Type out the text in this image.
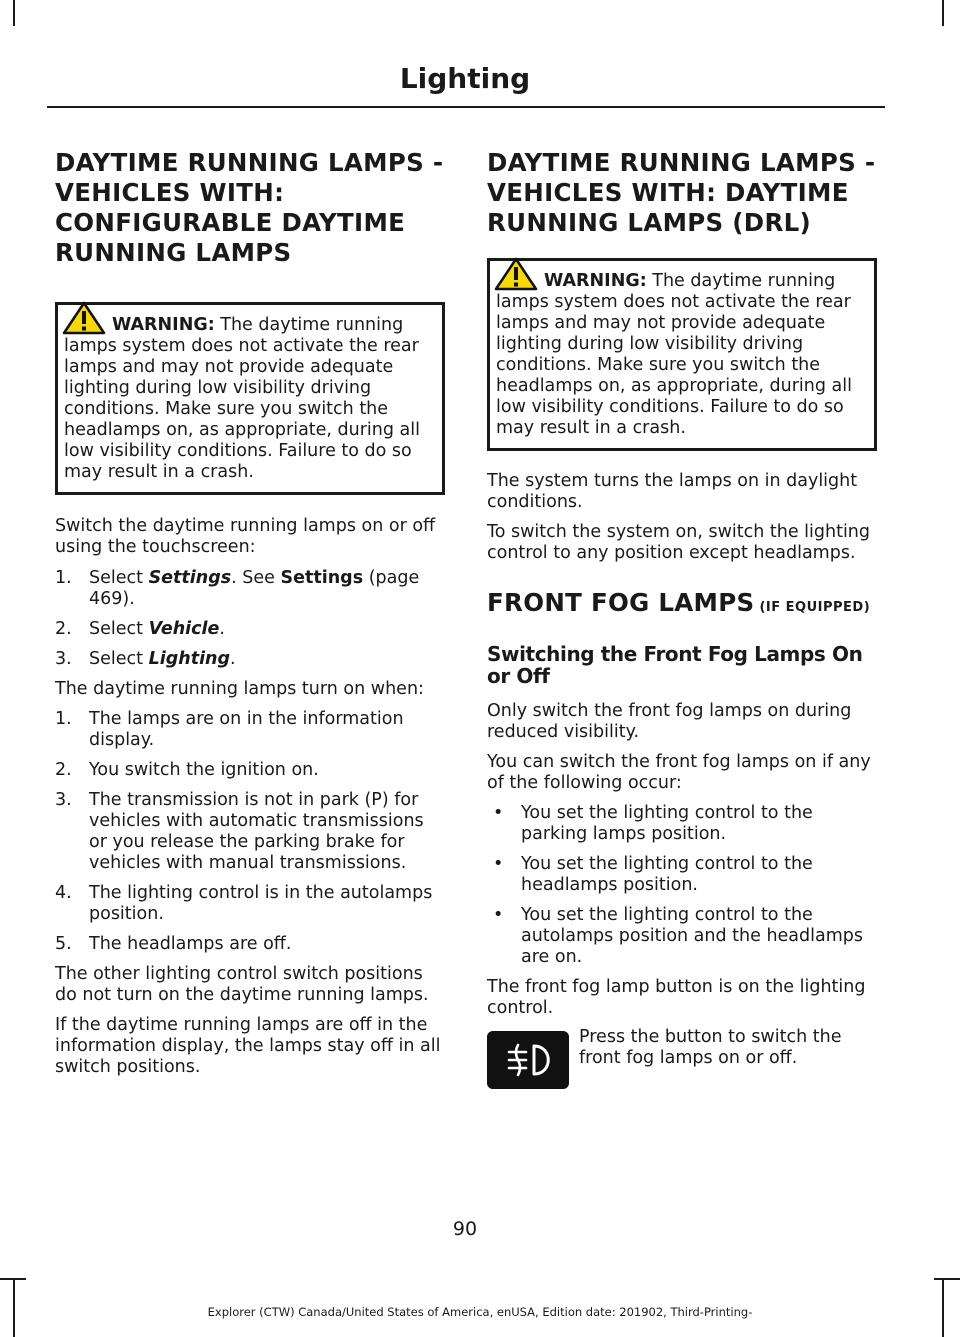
Lighting
DAYTIME RUNNING LAMPS -
VEHICLES WITH:
CONFIGURABLE DAYTIME
RUNNING LAMPS
WARNING: The daytime running
lamps system does not activate the rear
lamps and may not provide adequate
lighting during low visibility driving
conditions. Make sure you switch the
headlamps on, as appropriate, during all
low visibility conditions. Failure to do so
may result in a crash.

Switch the daytime running lamps on or off using the touchscreen:

1. Select Settings. See Settings (page 469).
2. Select Vehicle.
3. Select Lighting.

The daytime running lamps turn on when:

1. The lamps are on in the information display.
2. You switch the ignition on.
3. The transmission is not in park (P) for vehicles with automatic transmissions or you release the parking brake for vehicles with manual transmissions.
4. The lighting control is in the autolamps position.
5. The headlamps are off.

The other lighting control switch positions do not turn on the daytime running lamps.

If the daytime running lamps are off in the information display, the lamps stay off in all switch positions.

DAYTIME RUNNING LAMPS -
VEHICLES WITH: DAYTIME
RUNNING LAMPS (DRL)
WARNING: The daytime running
lamps system does not activate the rear
lamps and may not provide adequate
lighting during low visibility driving
conditions. Make sure you switch the
headlamps on, as appropriate, during all
low visibility conditions. Failure to do so
may result in a crash.

The system turns the lamps on in daylight conditions.

To switch the system on, switch the lighting control to any position except headlamps.

FRONT FOG LAMPS (IF EQUIPPED)
Switching the Front Fog Lamps On or Off

Only switch the front fog lamps on during reduced visibility.

You can switch the front fog lamps on if any of the following occur:

• You set the lighting control to the parking lamps position.
• You set the lighting control to the headlamps position.
• You set the lighting control to the autolamps position and the headlamps are on.

The front fog lamp button is on the lighting control.

Press the button to switch the front fog lamps on or off.

90
Explorer (CTW) Canada/United States of America, enUSA, Edition date: 201902, Third-Printing-
